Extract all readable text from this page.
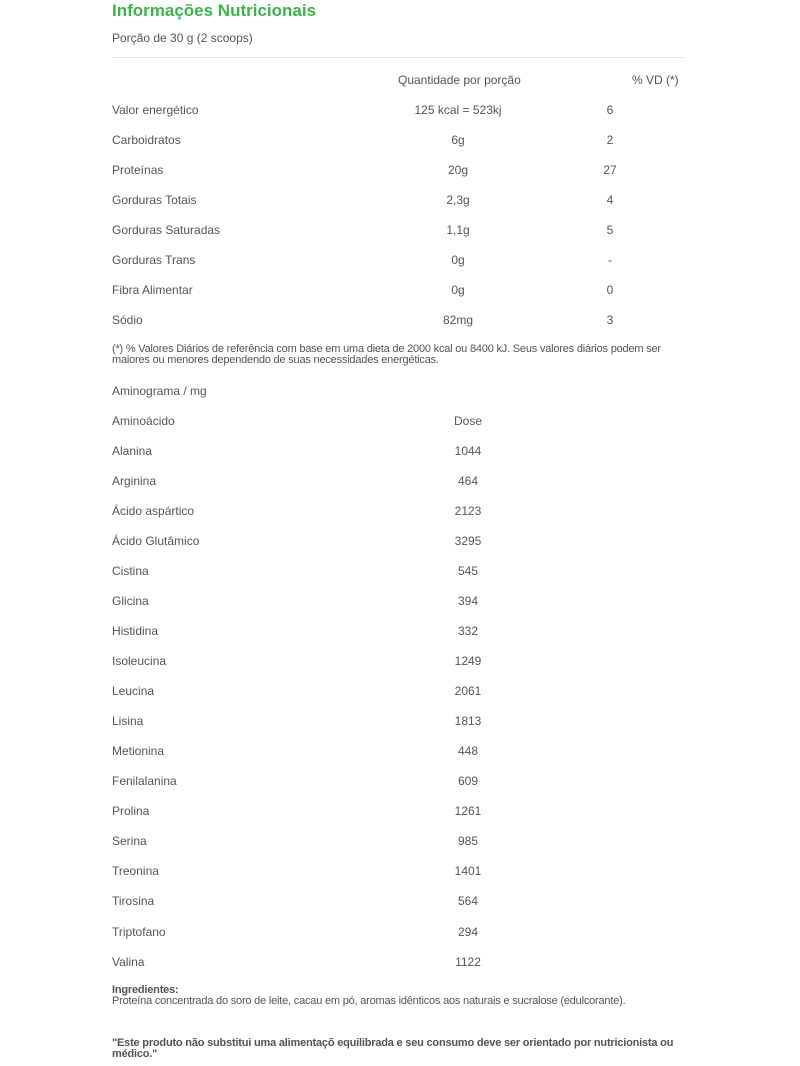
Informações Nutricionais
Porção de 30 g (2 scoops)
Quantidade por porção	% VD (*)
Valor energético	125 kcal = 523kj	6
Carboidratos	6g	2
Proteínas	20g	27
Gorduras Totais	2,3g	4
Gorduras Saturadas	1,1g	5
Gorduras Trans	0g	-
Fibra Alimentar	0g	0
Sódio	82mg	3
(*) % Valores Diários de referência com base em uma dieta de 2000 kcal ou 8400 kJ. Seus valores diários podem ser maiores ou menores dependendo de suas necessidades energéticas.
Aminograma / mg
Aminoácido	Dose
Alanina	1044
Arginina	464
Ácido aspártico	2123
Ácido Glutâmico	3295
Cistina	545
Glicina	394
Histidina	332
Isoleucina	1249
Leucina	2061
Lisina	1813
Metionina	448
Fenilalanina	609
Prolina	1261
Serina	985
Treonina	1401
Tirosina	564
Triptofano	294
Valina	1122
Ingredientes:
Proteína concentrada do soro de leite, cacau em pó, aromas idênticos aos naturais e sucralose (edulcorante).
"Este produto não substitui uma alimentaçõ equilibrada e seu consumo deve ser orientado por nutricionista ou médico."
